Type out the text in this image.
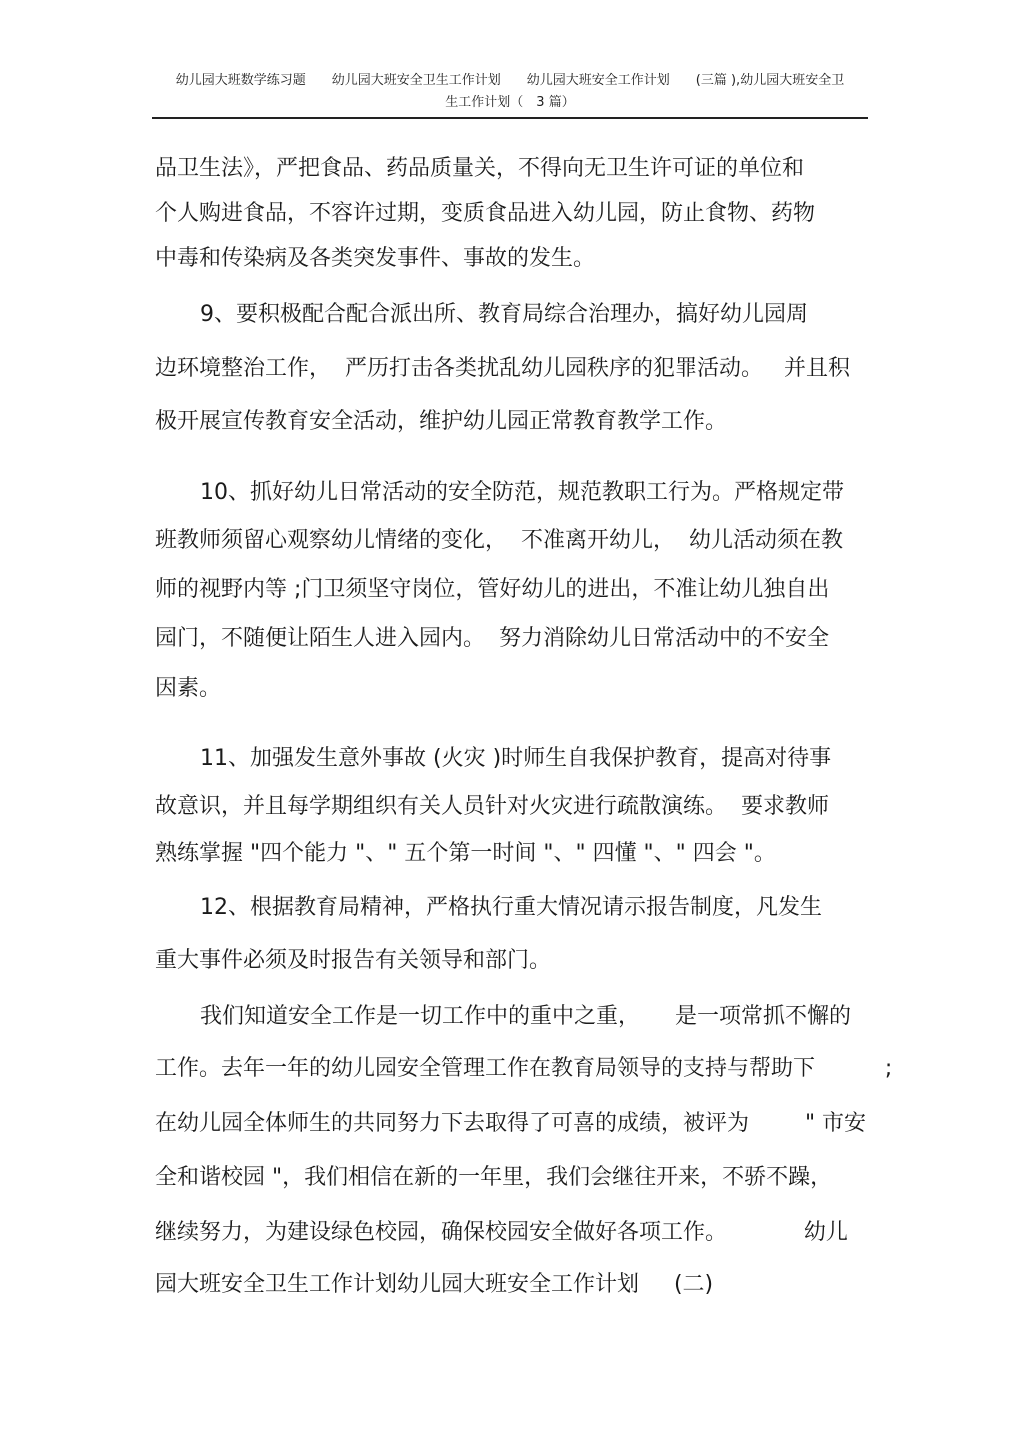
幼儿园大班数学练习题　　幼儿园大班安全卫生工作计划　　幼儿园大班安全工作计划　　(三篇 ),幼儿园大班安全卫
生工作计划（　3 篇）
品卫生法》，严把食品、药品质量关，不得向无卫生许可证的单位和
个人购进食品，不容许过期，变质食品进入幼儿园，防止食物、药物
中毒和传染病及各类突发事件、事故的发生。
9、要积极配合配合派出所、教育局综合治理办，搞好幼儿园周
边环境整治工作，  严历打击各类扰乱幼儿园秩序的犯罪活动。   并且积
极开展宣传教育安全活动，维护幼儿园正常教育教学工作。
10、抓好幼儿日常活动的安全防范，规范教职工行为。严格规定带
班教师须留心观察幼儿情绪的变化，  不准离开幼儿，  幼儿活动须在教
师的视野内等 ;门卫须坚守岗位，管好幼儿的进出，不准让幼儿独自出
园门，不随便让陌生人进入园内。  努力消除幼儿日常活动中的不安全
因素。
11、加强发生意外事故 (火灾 )时师生自我保护教育，提高对待事
故意识，并且每学期组织有关人员针对火灾进行疏散演练。  要求教师
熟练掌握 "四个能力 "、" 五个第一时间 "、" 四懂 "、" 四会 "。
12、根据教育局精神，严格执行重大情况请示报告制度，凡发生
重大事件必须及时报告有关领导和部门。
我们知道安全工作是一切工作中的重中之重，     是一项常抓不懈的
工作。去年一年的幼儿园安全管理工作在教育局领导的支持与帮助下          ;
在幼儿园全体师生的共同努力下去取得了可喜的成绩，被评为        " 市安
全和谐校园 "，我们相信在新的一年里，我们会继往开来，不骄不躁，
继续努力，为建设绿色校园，确保校园安全做好各项工作。           幼儿
园大班安全卫生工作计划幼儿园大班安全工作计划     (二)
